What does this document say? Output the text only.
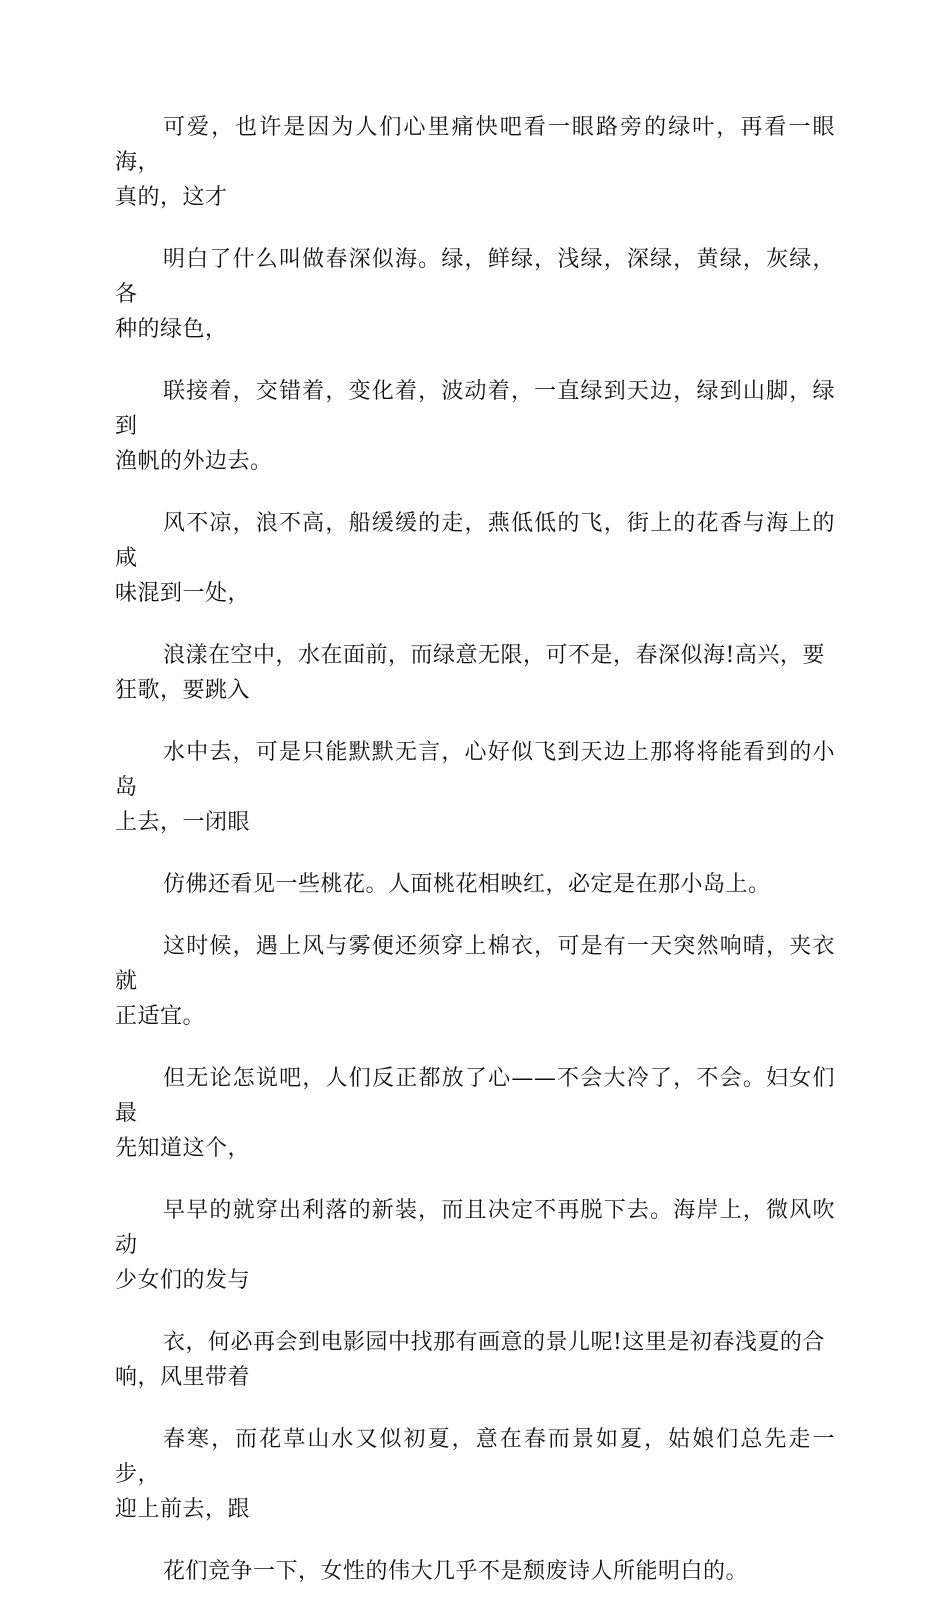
可爱，也许是因为人们心里痛快吧看一眼路旁的绿叶，再看一眼海，
真的，这才

明白了什么叫做春深似海。绿，鲜绿，浅绿，深绿，黄绿，灰绿，各
种的绿色，

联接着，交错着，变化着，波动着，一直绿到天边，绿到山脚，绿到
渔帆的外边去。

风不凉，浪不高，船缓缓的走，燕低低的飞，街上的花香与海上的咸
味混到一处，

浪漾在空中，水在面前，而绿意无限，可不是，春深似海!高兴，要
狂歌，要跳入

水中去，可是只能默默无言，心好似飞到天边上那将将能看到的小岛
上去，一闭眼

仿佛还看见一些桃花。人面桃花相映红，必定是在那小岛上。

这时候，遇上风与雾便还须穿上棉衣，可是有一天突然响晴，夹衣就
正适宜。

但无论怎说吧，人们反正都放了心——不会大冷了，不会。妇女们最
先知道这个，

早早的就穿出利落的新装，而且决定不再脱下去。海岸上，微风吹动
少女们的发与

衣，何必再会到电影园中找那有画意的景儿呢!这里是初春浅夏的合
响，风里带着

春寒，而花草山水又似初夏，意在春而景如夏，姑娘们总先走一步，
迎上前去，跟

花们竞争一下，女性的伟大几乎不是颓废诗人所能明白的。
